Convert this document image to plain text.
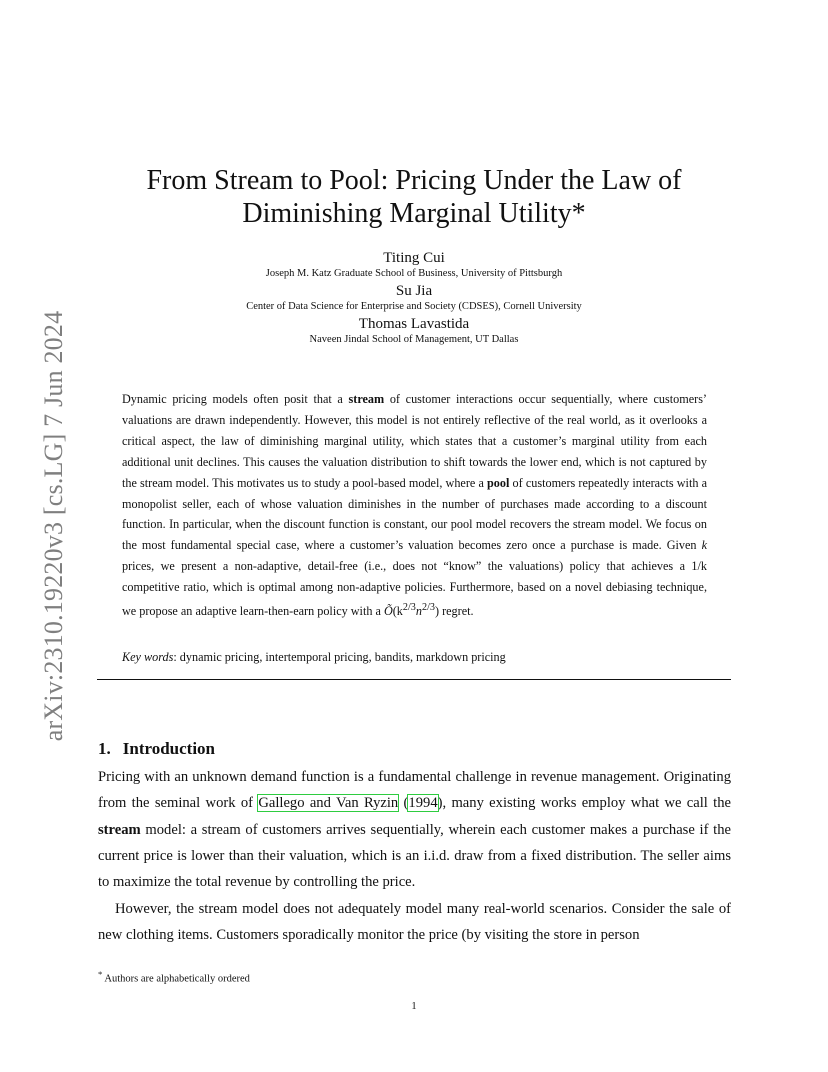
arXiv:2310.19220v3 [cs.LG] 7 Jun 2024
From Stream to Pool: Pricing Under the Law of
Diminishing Marginal Utility*
Titing Cui
Joseph M. Katz Graduate School of Business, University of Pittsburgh
Su Jia
Center of Data Science for Enterprise and Society (CDSES), Cornell University
Thomas Lavastida
Naveen Jindal School of Management, UT Dallas

Dynamic pricing models often posit that a stream of customer interactions occur sequentially, where customers’ valuations are drawn independently. However, this model is not entirely reflective of the real world, as it overlooks a critical aspect, the law of diminishing marginal utility, which states that a customer’s marginal utility from each additional unit declines. This causes the valuation distribution to shift towards the lower end, which is not captured by the stream model. This motivates us to study a pool-based model, where a pool of customers repeatedly interacts with a monopolist seller, each of whose valuation diminishes in the number of purchases made according to a discount function. In particular, when the discount function is constant, our pool model recovers the stream model. We focus on the most fundamental special case, where a customer’s valuation becomes zero once a purchase is made. Given k prices, we present a non-adaptive, detail-free (i.e., does not “know” the valuations) policy that achieves a 1/k competitive ratio, which is optimal among non-adaptive policies. Furthermore, based on a novel debiasing technique, we propose an adaptive learn-then-earn policy with a $Õ(k^{2/3}n^{2/3})$ regret.

Key words: dynamic pricing, intertemporal pricing, bandits, markdown pricing
1. Introduction

Pricing with an unknown demand function is a fundamental challenge in revenue management. Originating from the seminal work of Gallego and Van Ryzin (1994), many existing works employ what we call the stream model: a stream of customers arrives sequentially, wherein each customer makes a purchase if the current price is lower than their valuation, which is an i.i.d. draw from a fixed distribution. The seller aims to maximize the total revenue by controlling the price.

However, the stream model does not adequately model many real-world scenarios. Consider the sale of new clothing items. Customers sporadically monitor the price (by visiting the store in person

* Authors are alphabetically ordered
1
